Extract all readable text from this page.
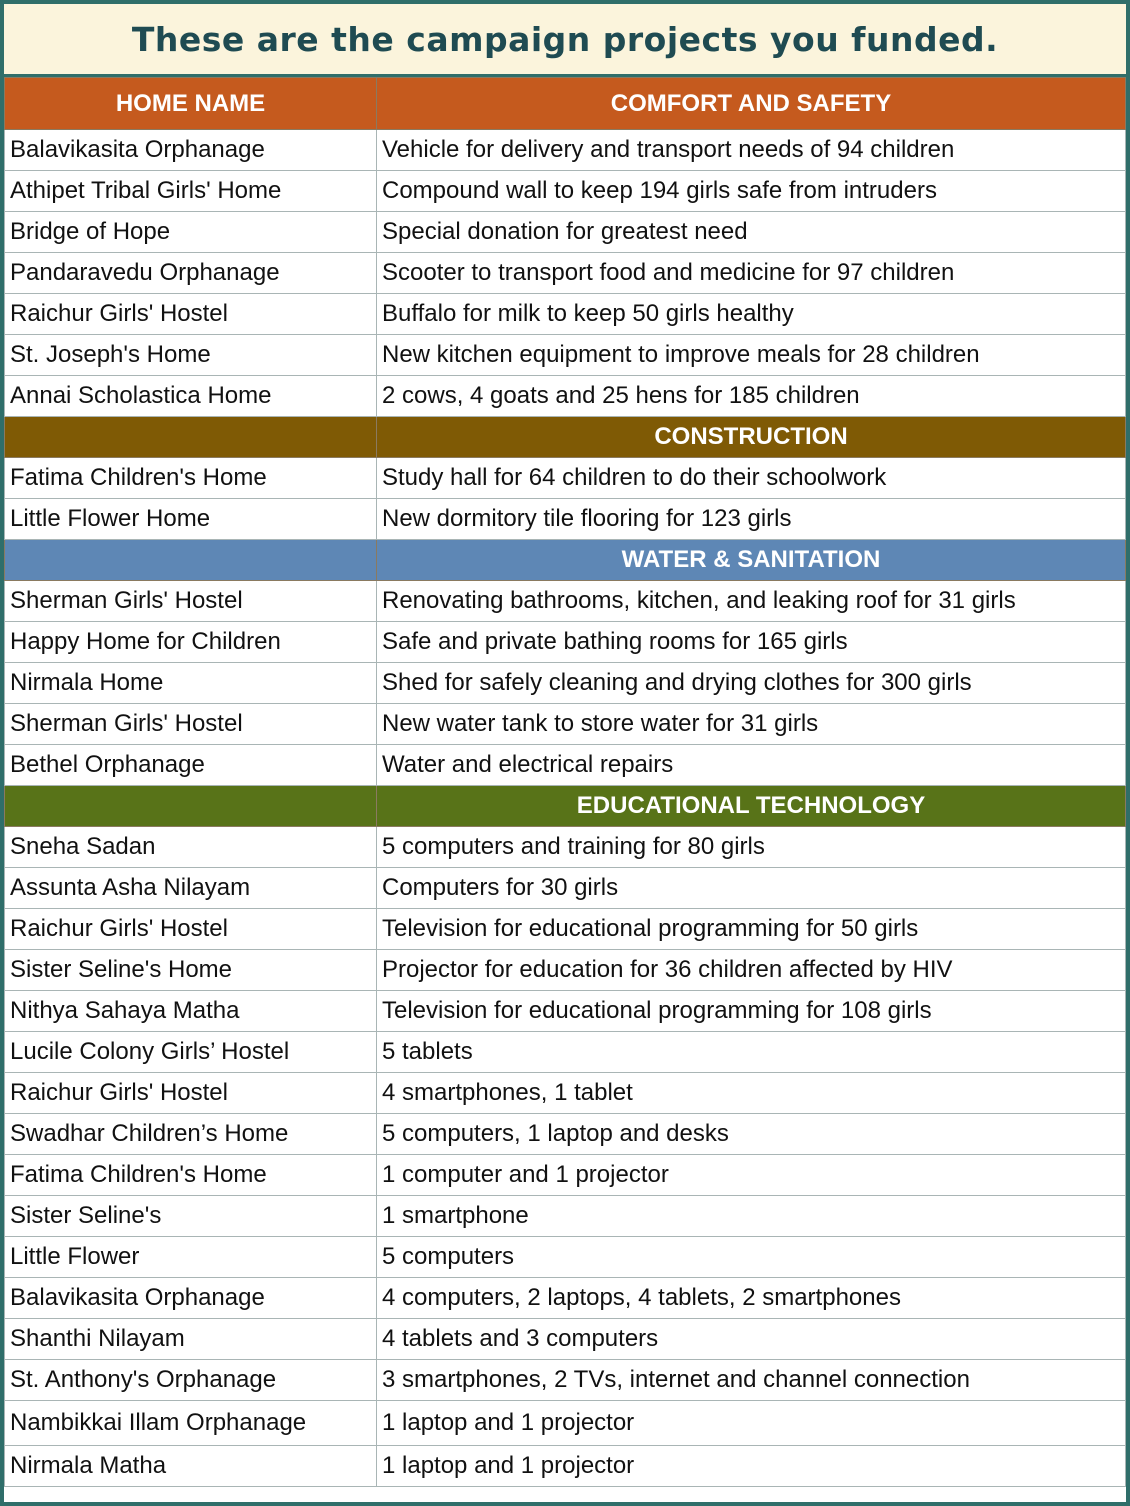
These are the campaign projects you funded.
HOME NAME	COMFORT AND SAFETY
Balavikasita Orphanage	Vehicle for delivery and transport needs of 94 children
Athipet Tribal Girls' Home	Compound wall to keep 194 girls safe from intruders
Bridge of Hope	Special donation for greatest need
Pandaravedu Orphanage	Scooter to transport food and medicine for 97 children
Raichur Girls' Hostel	Buffalo for milk to keep 50 girls healthy
St. Joseph's Home	New kitchen equipment to improve meals for 28 children
Annai Scholastica Home	2 cows, 4 goats and 25 hens for 185 children
	CONSTRUCTION
Fatima Children's Home	Study hall for 64 children to do their schoolwork
Little Flower Home	New dormitory tile flooring for 123 girls
	WATER & SANITATION
Sherman Girls' Hostel	Renovating bathrooms, kitchen, and leaking roof for 31 girls
Happy Home for Children	Safe and private bathing rooms for 165 girls
Nirmala Home	Shed for safely cleaning and drying clothes for 300 girls
Sherman Girls' Hostel	New water tank to store water for 31 girls
Bethel Orphanage	Water and electrical repairs
	EDUCATIONAL TECHNOLOGY
Sneha Sadan	5 computers and training for 80 girls
Assunta Asha Nilayam	Computers for 30 girls
Raichur Girls' Hostel	Television for educational programming for 50 girls
Sister Seline's Home	Projector for education for 36 children affected by HIV
Nithya Sahaya Matha	Television for educational programming for 108 girls
Lucile Colony Girls’ Hostel	5 tablets
Raichur Girls' Hostel	4 smartphones, 1 tablet
Swadhar Children’s Home	5 computers, 1 laptop and desks
Fatima Children's Home	1 computer and 1 projector
Sister Seline's	1 smartphone
Little Flower	5 computers
Balavikasita Orphanage	4 computers, 2 laptops, 4 tablets, 2 smartphones
Shanthi Nilayam	4 tablets and 3 computers
St. Anthony's Orphanage	3 smartphones, 2 TVs, internet and channel connection
Nambikkai Illam Orphanage	1 laptop and 1 projector
Nirmala Matha	1 laptop and 1 projector
